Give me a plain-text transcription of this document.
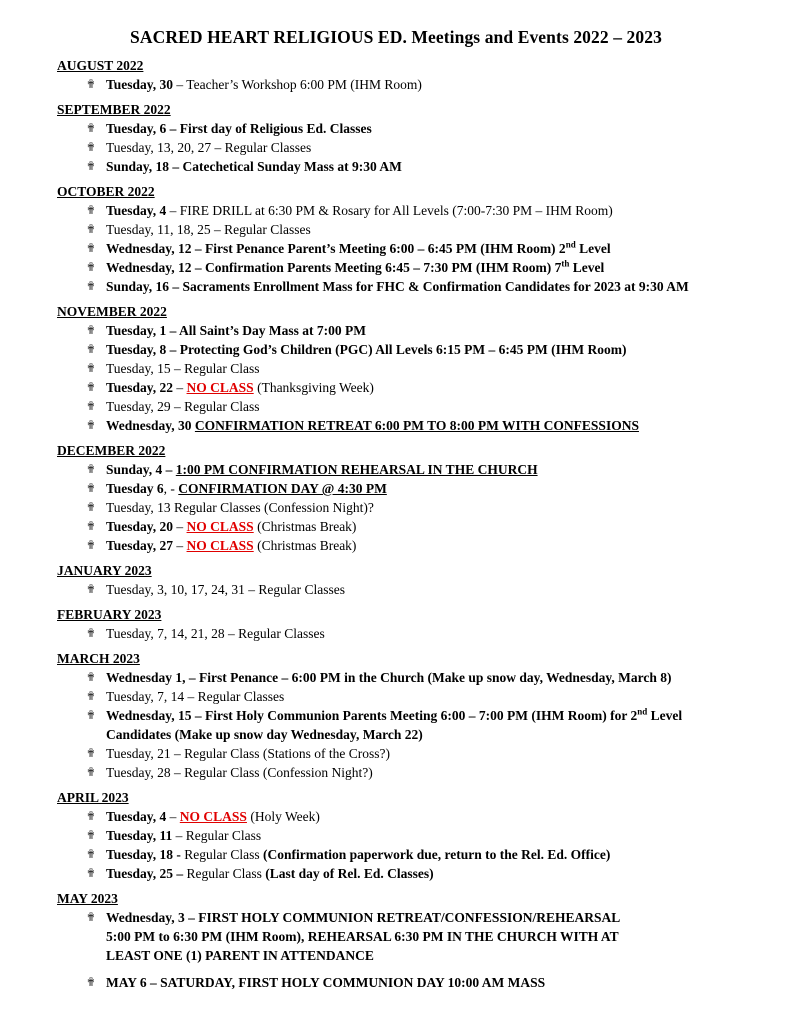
SACRED HEART RELIGIOUS ED. Meetings and Events 2022 – 2023
AUGUST 2022
✟ Tuesday, 30 – Teacher’s Workshop 6:00 PM (IHM Room)
SEPTEMBER 2022
✟ Tuesday, 6 – First day of Religious Ed. Classes
✟ Tuesday, 13, 20, 27 – Regular Classes
✟ Sunday, 18 – Catechetical Sunday Mass at 9:30 AM
OCTOBER 2022
✟ Tuesday, 4 – FIRE DRILL at 6:30 PM & Rosary for All Levels (7:00-7:30 PM – IHM Room)
✟ Tuesday, 11, 18, 25 – Regular Classes
✟ Wednesday, 12 – First Penance Parent’s Meeting 6:00 – 6:45 PM (IHM Room) 2nd Level
✟ Wednesday, 12 – Confirmation Parents Meeting 6:45 – 7:30 PM (IHM Room) 7th Level
✟ Sunday, 16 – Sacraments Enrollment Mass for FHC & Confirmation Candidates for 2023 at 9:30 AM
NOVEMBER 2022
✟ Tuesday, 1 – All Saint’s Day Mass at 7:00 PM
✟ Tuesday, 8 – Protecting God’s Children (PGC) All Levels 6:15 PM – 6:45 PM (IHM Room)
✟ Tuesday, 15 – Regular Class
✟ Tuesday, 22 – NO CLASS (Thanksgiving Week)
✟ Tuesday, 29 – Regular Class
✟ Wednesday, 30 CONFIRMATION RETREAT 6:00 PM TO 8:00 PM WITH CONFESSIONS
DECEMBER 2022
✟ Sunday, 4 – 1:00 PM CONFIRMATION REHEARSAL IN THE CHURCH
✟ Tuesday 6, - CONFIRMATION DAY @ 4:30 PM
✟ Tuesday, 13 Regular Classes (Confession Night)?
✟ Tuesday, 20 – NO CLASS (Christmas Break)
✟ Tuesday, 27 – NO CLASS (Christmas Break)
JANUARY 2023
✟ Tuesday, 3, 10, 17, 24, 31 – Regular Classes
FEBRUARY 2023
✟ Tuesday, 7, 14, 21, 28 – Regular Classes
MARCH 2023
✟ Wednesday 1, – First Penance – 6:00 PM in the Church (Make up snow day, Wednesday, March 8)
✟ Tuesday, 7, 14 – Regular Classes
✟ Wednesday, 15 – First Holy Communion Parents Meeting 6:00 – 7:00 PM (IHM Room) for 2nd Level Candidates (Make up snow day Wednesday, March 22)
✟ Tuesday, 21 – Regular Class (Stations of the Cross?)
✟ Tuesday, 28 – Regular Class (Confession Night?)
APRIL 2023
✟ Tuesday, 4 – NO CLASS (Holy Week)
✟ Tuesday, 11 – Regular Class
✟ Tuesday, 18 - Regular Class (Confirmation paperwork due, return to the Rel. Ed. Office)
✟ Tuesday, 25 – Regular Class (Last day of Rel. Ed. Classes)
MAY 2023
✟ Wednesday, 3 – FIRST HOLY COMMUNION RETREAT/CONFESSION/REHEARSAL
5:00 PM to 6:30 PM (IHM Room), REHEARSAL 6:30 PM IN THE CHURCH WITH AT
LEAST ONE (1) PARENT IN ATTENDANCE
✟ MAY 6 – SATURDAY, FIRST HOLY COMMUNION DAY 10:00 AM MASS
